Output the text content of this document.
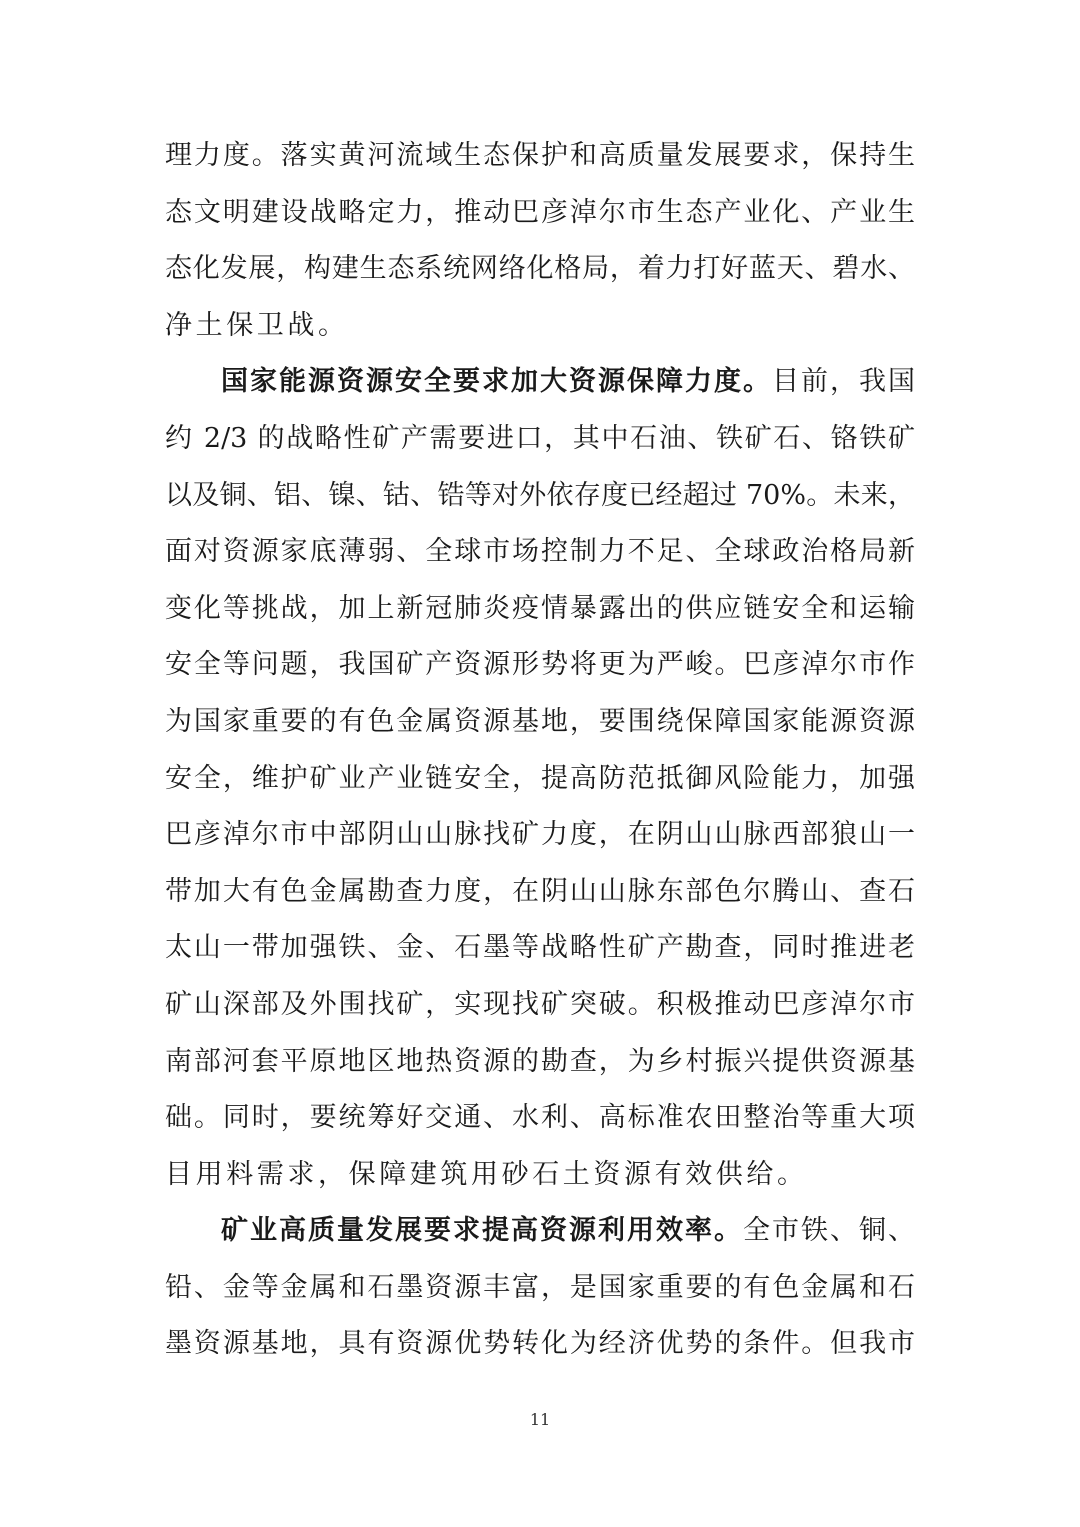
理力度。落实黄河流域生态保护和高质量发展要求，保持生
态文明建设战略定力，推动巴彦淖尔市生态产业化、产业生
态化发展，构建生态系统网络化格局，着力打好蓝天、碧水、
净土保卫战。
国家能源资源安全要求加大资源保障力度。目前，我国
约 2/3 的战略性矿产需要进口，其中石油、铁矿石、铬铁矿
以及铜、铝、镍、钴、锆等对外依存度已经超过 70%。未来，
面对资源家底薄弱、全球市场控制力不足、全球政治格局新
变化等挑战，加上新冠肺炎疫情暴露出的供应链安全和运输
安全等问题，我国矿产资源形势将更为严峻。巴彦淖尔市作
为国家重要的有色金属资源基地，要围绕保障国家能源资源
安全，维护矿业产业链安全，提高防范抵御风险能力，加强
巴彦淖尔市中部阴山山脉找矿力度，在阴山山脉西部狼山一
带加大有色金属勘查力度，在阴山山脉东部色尔腾山、查石
太山一带加强铁、金、石墨等战略性矿产勘查，同时推进老
矿山深部及外围找矿，实现找矿突破。积极推动巴彦淖尔市
南部河套平原地区地热资源的勘查，为乡村振兴提供资源基
础。同时，要统筹好交通、水利、高标准农田整治等重大项
目用料需求，保障建筑用砂石土资源有效供给。
矿业高质量发展要求提高资源利用效率。全市铁、铜、
铅、金等金属和石墨资源丰富，是国家重要的有色金属和石
墨资源基地，具有资源优势转化为经济优势的条件。但我市
11
